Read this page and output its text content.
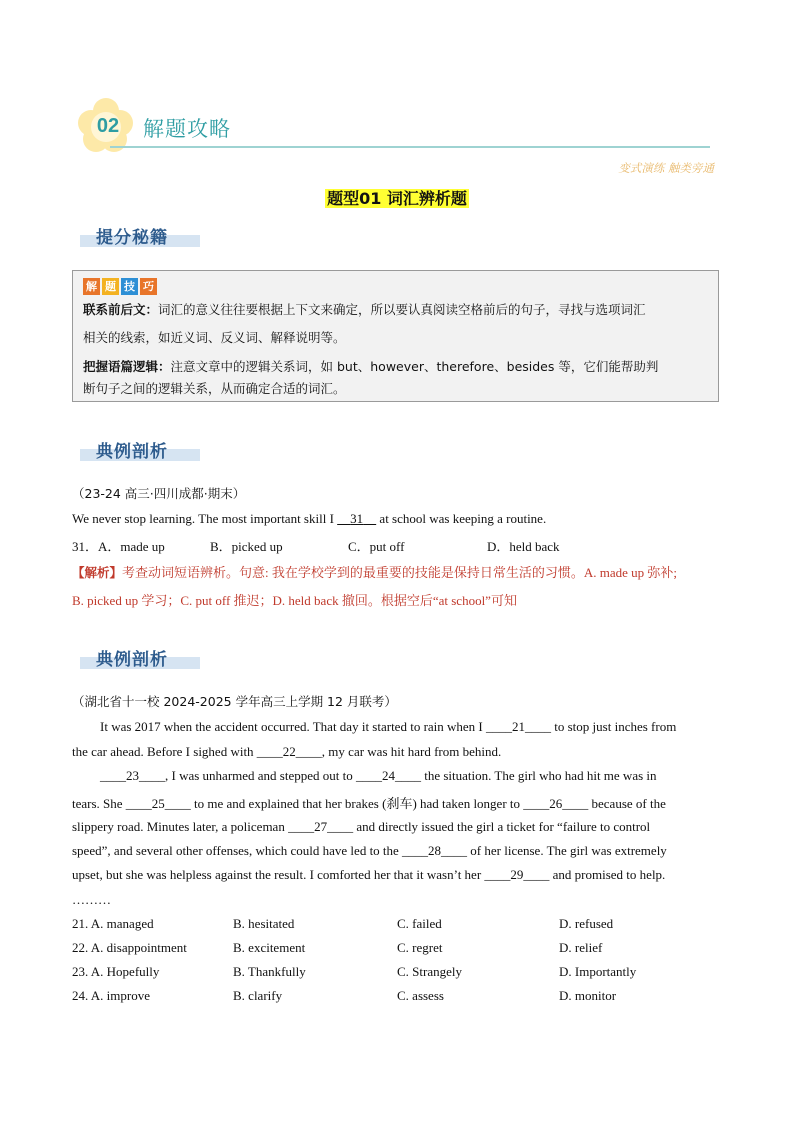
02 解题攻略
变式演练 触类旁通
题型01 词汇辨析题
提分秘籍
解 题 技 巧
联系前后文：词汇的意义往往要根据上下文来确定，所以要认真阅读空格前后的句子，寻找与选项词汇
相关的线索，如近义词、反义词、解释说明等。
把握语篇逻辑：注意文章中的逻辑关系词，如 but、however、therefore、besides 等，它们能帮助判
断句子之间的逻辑关系，从而确定合适的词汇。
典例剖析
（23-24 高三·四川成都·期末）
We never stop learning. The most important skill I     31     at school was keeping a routine.
31．A．made up	B．picked up	C．put off	D．held back
【解析】考查动词短语辨析。句意: 我在学校学到的最重要的技能是保持日常生活的习惯。A. made up 弥补;
B. picked up 学习；C. put off 推迟；D. held back 撤回。根据空后“at school”可知
典例剖析
（湖北省十一校 2024-2025 学年高三上学期 12 月联考）
It was 2017 when the accident occurred. That day it started to rain when I ____21____ to stop just inches from
the car ahead. Before I sighed with ____22____, my car was hit hard from behind.
____23____, I was unharmed and stepped out to ____24____ the situation. The girl who had hit me was in
tears. She ____25____ to me and explained that her brakes (刹车) had taken longer to ____26____ because of the
slippery road. Minutes later, a policeman ____27____ and directly issued the girl a ticket for “failure to control
speed”, and several other offenses, which could have led to the ____28____ of her license. The girl was extremely
upset, but she was helpless against the result. I comforted her that it wasn’t her ____29____ and promised to help.
………
21. A. managed	B. hesitated	C. failed	D. refused
22. A. disappointment	B. excitement	C. regret	D. relief
23. A. Hopefully	B. Thankfully	C. Strangely	D. Importantly
24. A. improve	B. clarify	C. assess	D. monitor
